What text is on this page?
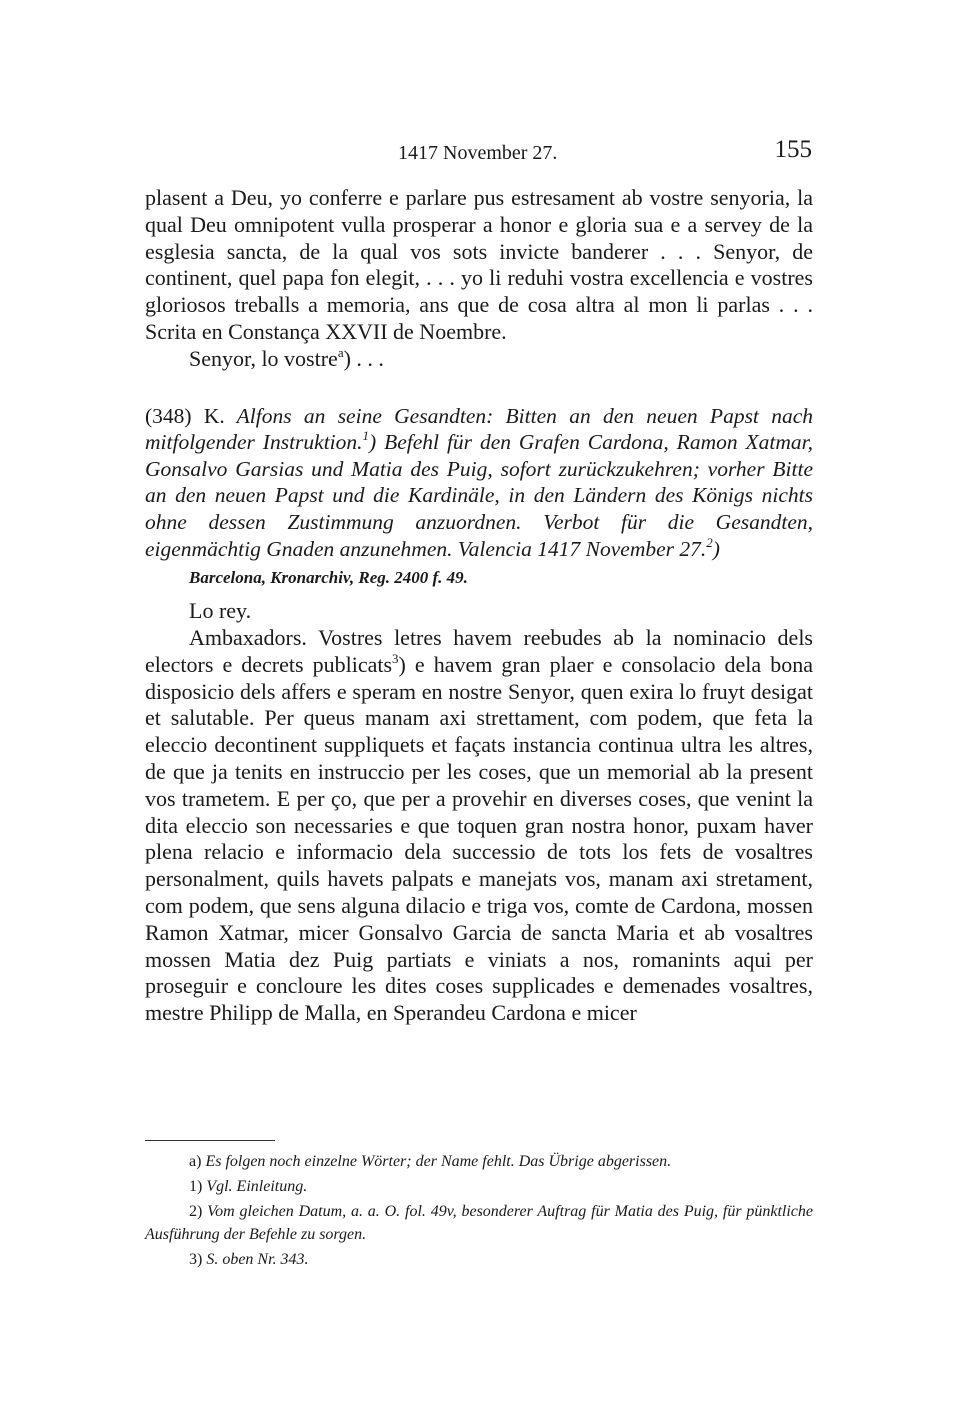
1417 November 27.	155

plasent a Deu, yo conferre e parlare pus estresament ab vostre senyoria, la qual Deu omnipotent vulla prosperar a honor e gloria sua e a servey de la esglesia sancta, de la qual vos sots invicte banderer . . . Senyor, de continent, quel papa fon elegit, . . . yo li reduhi vostra excellencia e vostres gloriosos treballs a memoria, ans que de cosa altra al mon li parlas . . . Scrita en Constança XXVII de Noembre.

Senyor, lo vostre$^a$) . . .

(348) K. Alfons an seine Gesandten: Bitten an den neuen Papst nach mitfolgender Instruktion.$^1$) Befehl für den Grafen Cardona, Ramon Xatmar, Gonsalvo Garsias und Matia des Puig, sofort zurückzukehren; vorher Bitte an den neuen Papst und die Kardinäle, in den Ländern des Königs nichts ohne dessen Zustimmung anzuordnen. Verbot für die Gesandten, eigenmächtig Gnaden anzunehmen. Valencia 1417 November 27.$^2$)

Barcelona, Kronarchiv, Reg. 2400 f. 49.

Lo rey.

Ambaxadors. Vostres letres havem reebudes ab la nominacio dels electors e decrets publicats$^3$) e havem gran plaer e consolacio dela bona disposicio dels affers e speram en nostre Senyor, quen exira lo fruyt desigat et salutable. Per queus manam axi strettament, com podem, que feta la eleccio decontinent suppliquets et façats instancia continua ultra les altres, de que ja tenits en instruccio per les coses, que un memorial ab la present vos trametem. E per ço, que per a provehir en diverses coses, que venint la dita eleccio son necessaries e que toquen gran nostra honor, puxam haver plena relacio e informacio dela successio de tots los fets de vosaltres personalment, quils havets palpats e manejats vos, manam axi stretament, com podem, que sens alguna dilacio e triga vos, comte de Cardona, mossen Ramon Xatmar, micer Gonsalvo Garcia de sancta Maria et ab vosaltres mossen Matia dez Puig partiats e viniats a nos, romanints aqui per proseguir e concloure les dites coses supplicades e demenades vosaltres, mestre Philipp de Malla, en Sperandeu Cardona e micer

a) Es folgen noch einzelne Wörter; der Name fehlt. Das Übrige abgerissen.

1) Vgl. Einleitung.

2) Vom gleichen Datum, a. a. O. fol. 49v, besonderer Auftrag für Matia des Puig, für pünktliche Ausführung der Befehle zu sorgen.

3) S. oben Nr. 343.
